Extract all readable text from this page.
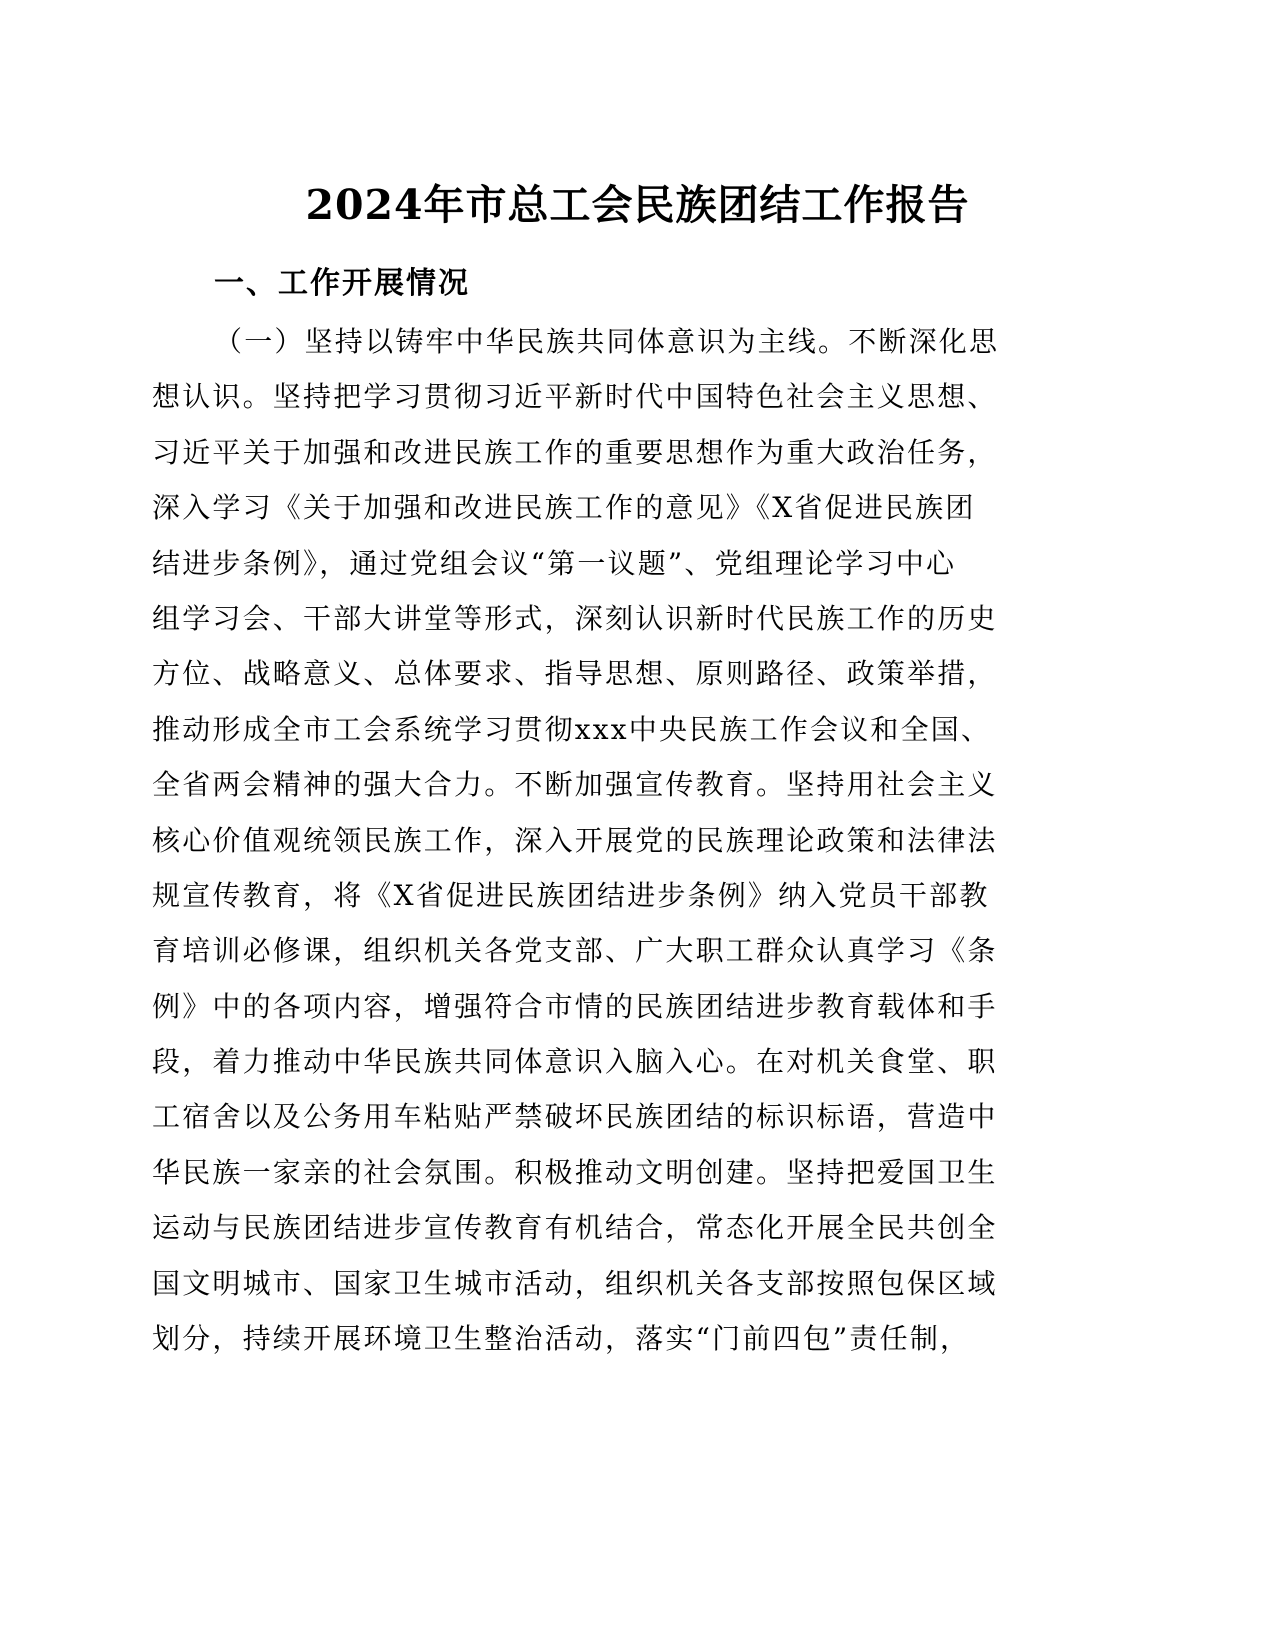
2024年市总工会民族团结工作报告
一、工作开展情况
（一）坚持以铸牢中华民族共同体意识为主线。不断深化思
想认识。坚持把学习贯彻习近平新时代中国特色社会主义思想、
习近平关于加强和改进民族工作的重要思想作为重大政治任务，
深入学习《关于加强和改进民族工作的意见》《X省促进民族团
结进步条例》，通过党组会议“第一议题”、党组理论学习中心
组学习会、干部大讲堂等形式，深刻认识新时代民族工作的历史
方位、战略意义、总体要求、指导思想、原则路径、政策举措，
推动形成全市工会系统学习贯彻xxx中央民族工作会议和全国、
全省两会精神的强大合力。不断加强宣传教育。坚持用社会主义
核心价值观统领民族工作，深入开展党的民族理论政策和法律法
规宣传教育，将《X省促进民族团结进步条例》纳入党员干部教
育培训必修课，组织机关各党支部、广大职工群众认真学习《条
例》中的各项内容，增强符合市情的民族团结进步教育载体和手
段，着力推动中华民族共同体意识入脑入心。在对机关食堂、职
工宿舍以及公务用车粘贴严禁破坏民族团结的标识标语，营造中
华民族一家亲的社会氛围。积极推动文明创建。坚持把爱国卫生
运动与民族团结进步宣传教育有机结合，常态化开展全民共创全
国文明城市、国家卫生城市活动，组织机关各支部按照包保区域
划分，持续开展环境卫生整治活动，落实“门前四包”责任制，
